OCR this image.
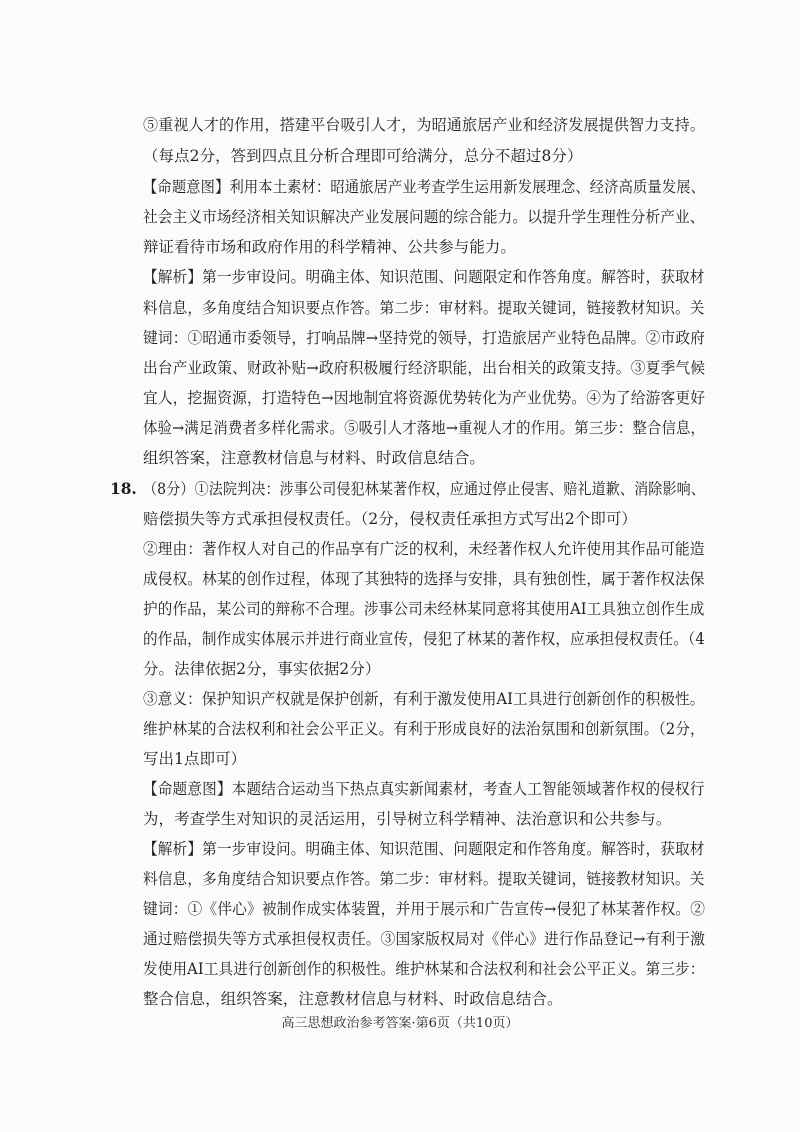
⑤重视人才的作用，搭建平台吸引人才，为昭通旅居产业和经济发展提供智力支持。
（每点2分，答到四点且分析合理即可给满分，总分不超过8分）
【命题意图】利用本土素材：昭通旅居产业考查学生运用新发展理念、经济高质量发展、
社会主义市场经济相关知识解决产业发展问题的综合能力。以提升学生理性分析产业、
辩证看待市场和政府作用的科学精神、公共参与能力。
【解析】第一步审设问。明确主体、知识范围、问题限定和作答角度。解答时，获取材
料信息，多角度结合知识要点作答。第二步：审材料。提取关键词，链接教材知识。关
键词：①昭通市委领导，打响品牌→坚持党的领导，打造旅居产业特色品牌。②市政府
出台产业政策、财政补贴→政府积极履行经济职能，出台相关的政策支持。③夏季气候
宜人，挖掘资源，打造特色→因地制宜将资源优势转化为产业优势。④为了给游客更好
体验→满足消费者多样化需求。⑤吸引人才落地→重视人才的作用。第三步：整合信息，
组织答案，注意教材信息与材料、时政信息结合。
18. （8分）①法院判决：涉事公司侵犯林某著作权，应通过停止侵害、赔礼道歉、消除影响、
赔偿损失等方式承担侵权责任。（2分，侵权责任承担方式写出2个即可）
②理由：著作权人对自己的作品享有广泛的权利，未经著作权人允许使用其作品可能造
成侵权。林某的创作过程，体现了其独特的选择与安排，具有独创性，属于著作权法保
护的作品，某公司的辩称不合理。涉事公司未经林某同意将其使用AI工具独立创作生成
的作品，制作成实体展示并进行商业宣传，侵犯了林某的著作权，应承担侵权责任。（4
分。法律依据2分，事实依据2分）
③意义：保护知识产权就是保护创新，有利于激发使用AI工具进行创新创作的积极性。
维护林某的合法权利和社会公平正义。有利于形成良好的法治氛围和创新氛围。（2分，
写出1点即可）
【命题意图】本题结合运动当下热点真实新闻素材，考查人工智能领域著作权的侵权行
为，考查学生对知识的灵活运用，引导树立科学精神、法治意识和公共参与。
【解析】第一步审设问。明确主体、知识范围、问题限定和作答角度。解答时，获取材
料信息，多角度结合知识要点作答。第二步：审材料。提取关键词，链接教材知识。关
键词：①《伴心》被制作成实体装置，并用于展示和广告宣传→侵犯了林某著作权。②
通过赔偿损失等方式承担侵权责任。③国家版权局对《伴心》进行作品登记→有利于激
发使用AI工具进行创新创作的积极性。维护林某和合法权利和社会公平正义。第三步：
整合信息，组织答案，注意教材信息与材料、时政信息结合。
高三思想政治参考答案·第6页（共10页）
